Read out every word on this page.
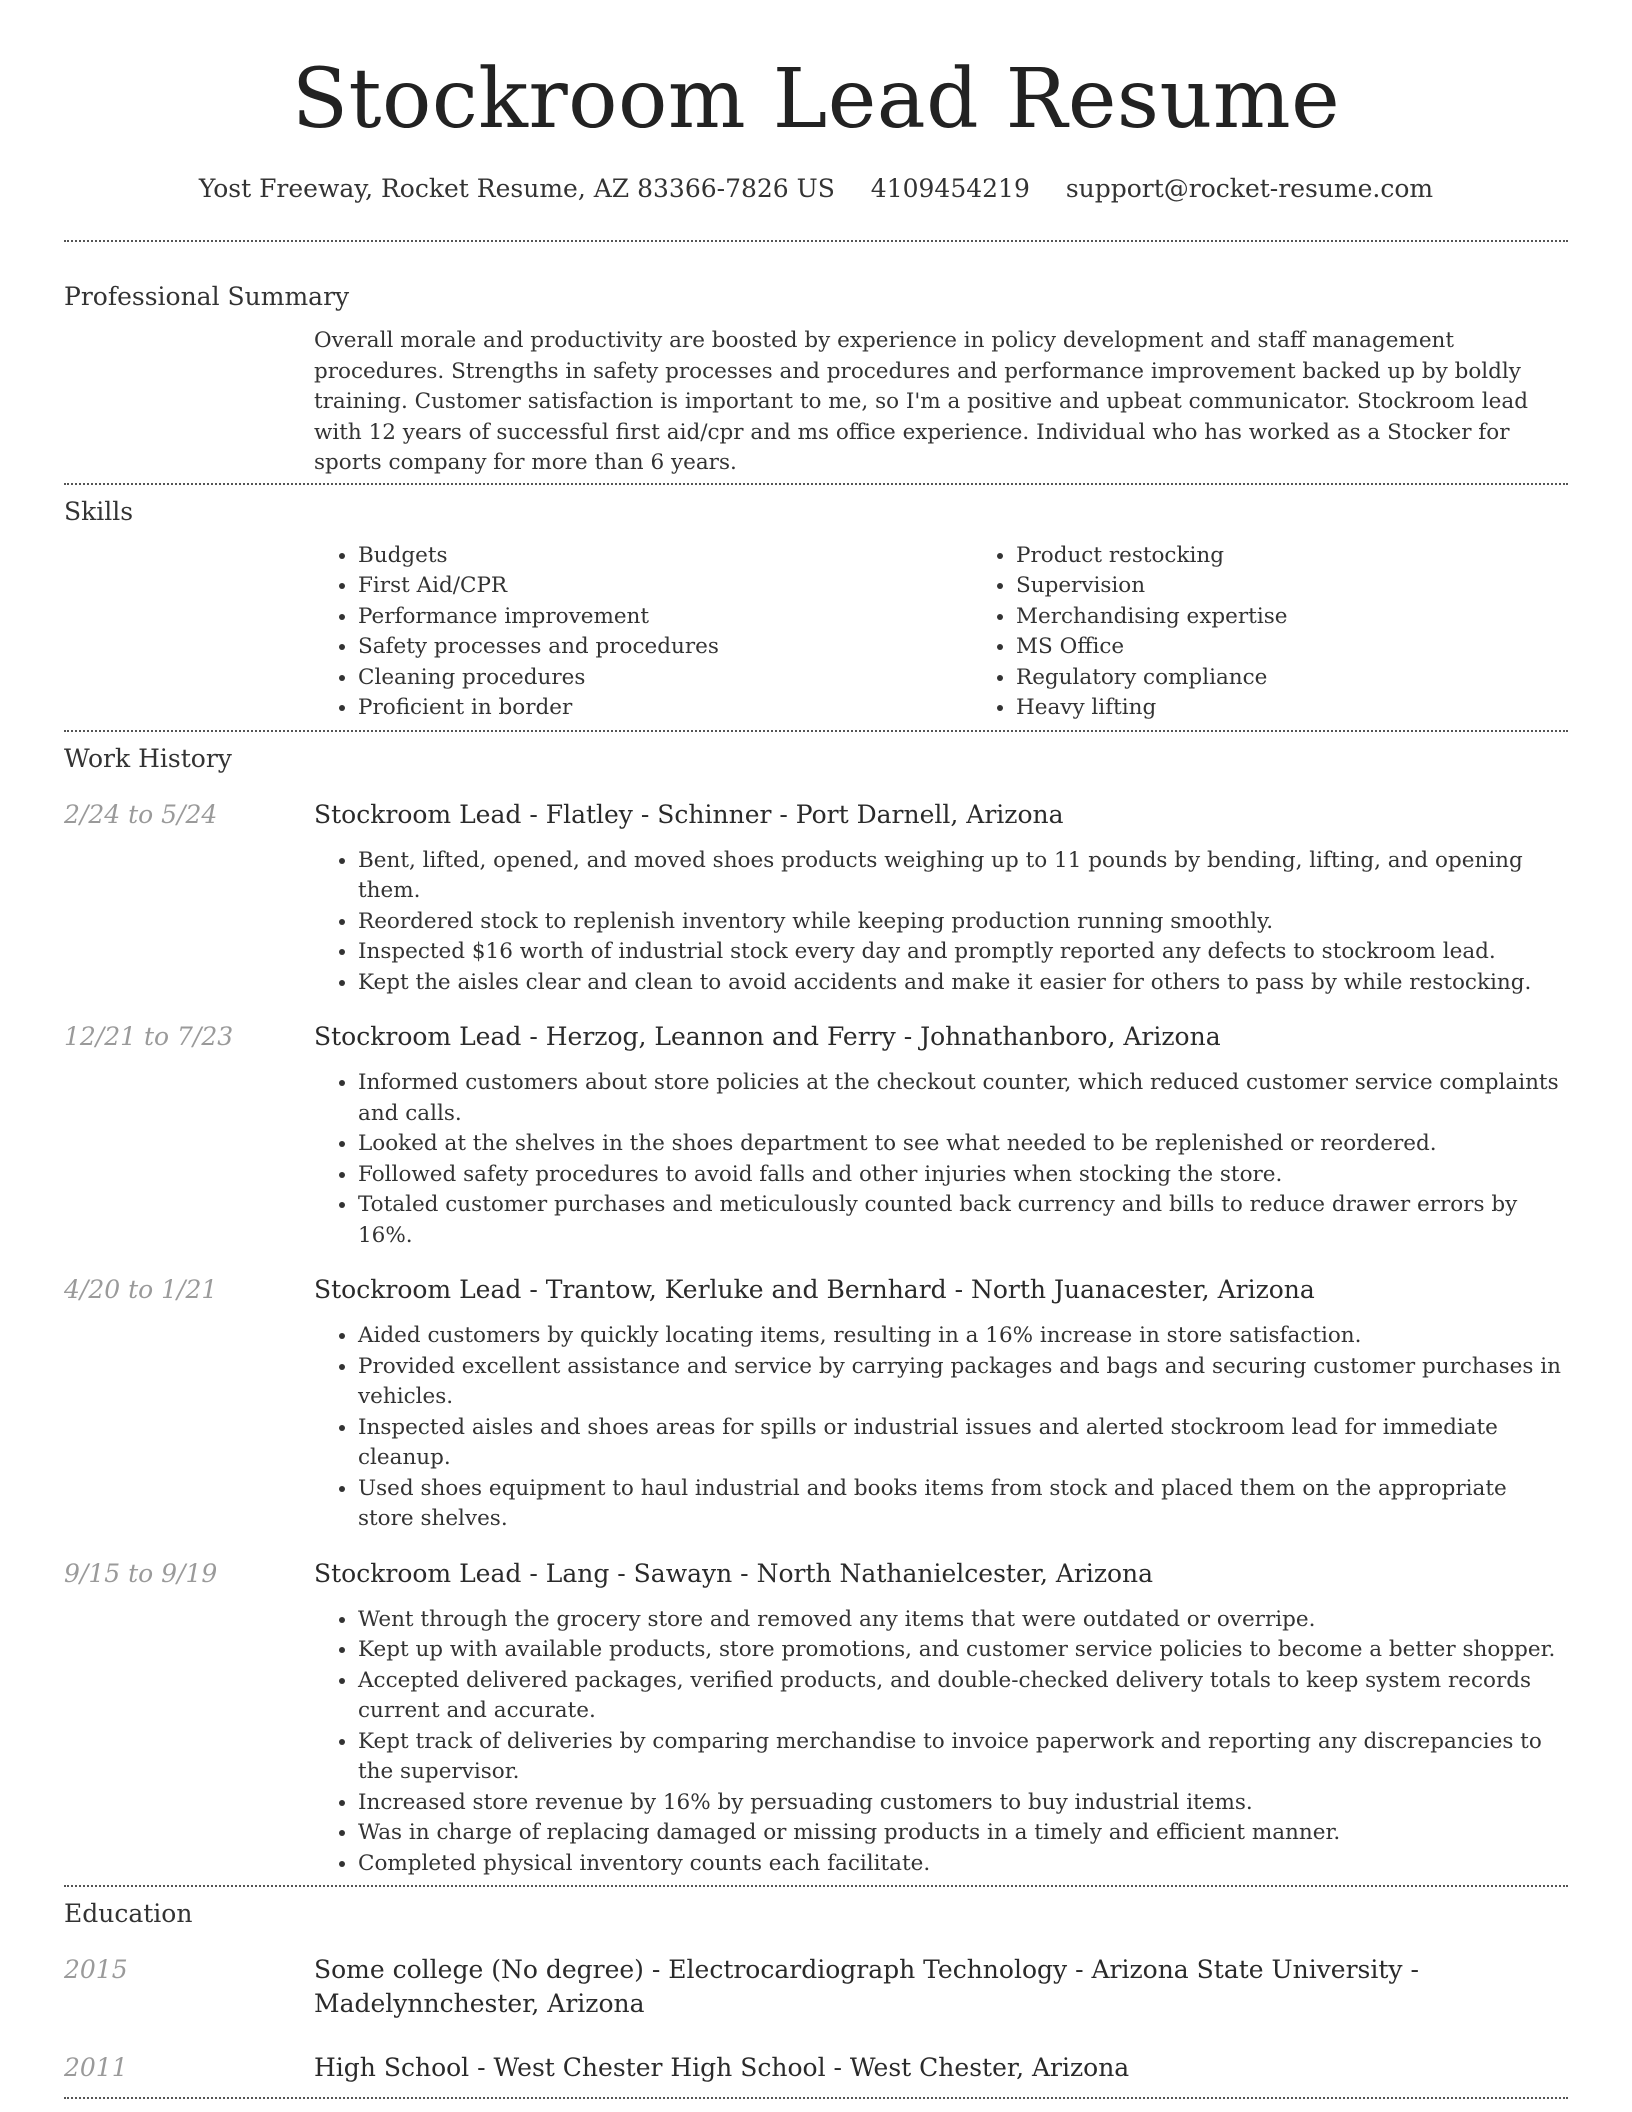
Stockroom Lead Resume
Yost Freeway, Rocket Resume, AZ 83366-7826 US 4109454219 support@rocket-resume.com
Professional Summary
Overall morale and productivity are boosted by experience in policy development and staff management procedures. Strengths in safety processes and procedures and performance improvement backed up by boldly training. Customer satisfaction is important to me, so I'm a positive and upbeat communicator. Stockroom lead with 12 years of successful first aid/cpr and ms office experience. Individual who has worked as a Stocker for sports company for more than 6 years.
Skills
• Budgets
• First Aid/CPR
• Performance improvement
• Safety processes and procedures
• Cleaning procedures
• Proficient in border
• Product restocking
• Supervision
• Merchandising expertise
• MS Office
• Regulatory compliance
• Heavy lifting
Work History
2/24 to 5/24	Stockroom Lead - Flatley - Schinner - Port Darnell, Arizona
• Bent, lifted, opened, and moved shoes products weighing up to 11 pounds by bending, lifting, and opening them.
• Reordered stock to replenish inventory while keeping production running smoothly.
• Inspected $16 worth of industrial stock every day and promptly reported any defects to stockroom lead.
• Kept the aisles clear and clean to avoid accidents and make it easier for others to pass by while restocking.
12/21 to 7/23	Stockroom Lead - Herzog, Leannon and Ferry - Johnathanboro, Arizona
• Informed customers about store policies at the checkout counter, which reduced customer service complaints and calls.
• Looked at the shelves in the shoes department to see what needed to be replenished or reordered.
• Followed safety procedures to avoid falls and other injuries when stocking the store.
• Totaled customer purchases and meticulously counted back currency and bills to reduce drawer errors by 16%.
4/20 to 1/21	Stockroom Lead - Trantow, Kerluke and Bernhard - North Juanacester, Arizona
• Aided customers by quickly locating items, resulting in a 16% increase in store satisfaction.
• Provided excellent assistance and service by carrying packages and bags and securing customer purchases in vehicles.
• Inspected aisles and shoes areas for spills or industrial issues and alerted stockroom lead for immediate cleanup.
• Used shoes equipment to haul industrial and books items from stock and placed them on the appropriate store shelves.
9/15 to 9/19	Stockroom Lead - Lang - Sawayn - North Nathanielcester, Arizona
• Went through the grocery store and removed any items that were outdated or overripe.
• Kept up with available products, store promotions, and customer service policies to become a better shopper.
• Accepted delivered packages, verified products, and double-checked delivery totals to keep system records current and accurate.
• Kept track of deliveries by comparing merchandise to invoice paperwork and reporting any discrepancies to the supervisor.
• Increased store revenue by 16% by persuading customers to buy industrial items.
• Was in charge of replacing damaged or missing products in a timely and efficient manner.
• Completed physical inventory counts each facilitate.
Education
2015	Some college (No degree) - Electrocardiograph Technology - Arizona State University - Madelynnchester, Arizona
2011	High School - West Chester High School - West Chester, Arizona
